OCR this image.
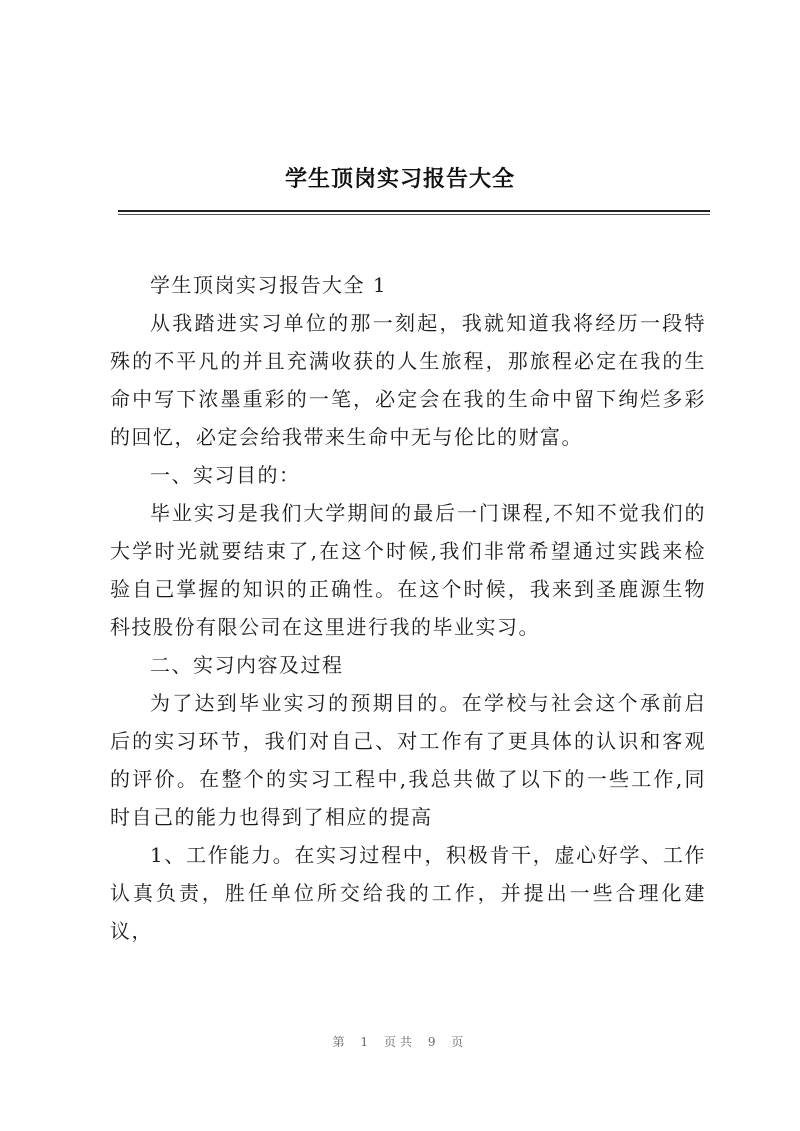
学生顶岗实习报告大全

学生顶岗实习报告大全 1

从我踏进实习单位的那一刻起，我就知道我将经历一段特殊的不平凡的并且充满收获的人生旅程，那旅程必定在我的生命中写下浓墨重彩的一笔，必定会在我的生命中留下绚烂多彩的回忆，必定会给我带来生命中无与伦比的财富。

一、实习目的：

毕业实习是我们大学期间的最后一门课程,不知不觉我们的大学时光就要结束了,在这个时候,我们非常希望通过实践来检验自己掌握的知识的正确性。在这个时候，我来到圣鹿源生物科技股份有限公司在这里进行我的毕业实习。

二、实习内容及过程

为了达到毕业实习的预期目的。在学校与社会这个承前启后的实习环节，我们对自己、对工作有了更具体的认识和客观的评价。在整个的实习工程中,我总共做了以下的一些工作,同时自己的能力也得到了相应的提高

1、工作能力。在实习过程中，积极肯干，虚心好学、工作认真负责，胜任单位所交给我的工作，并提出一些合理化建议，

第 1 页共 9 页
